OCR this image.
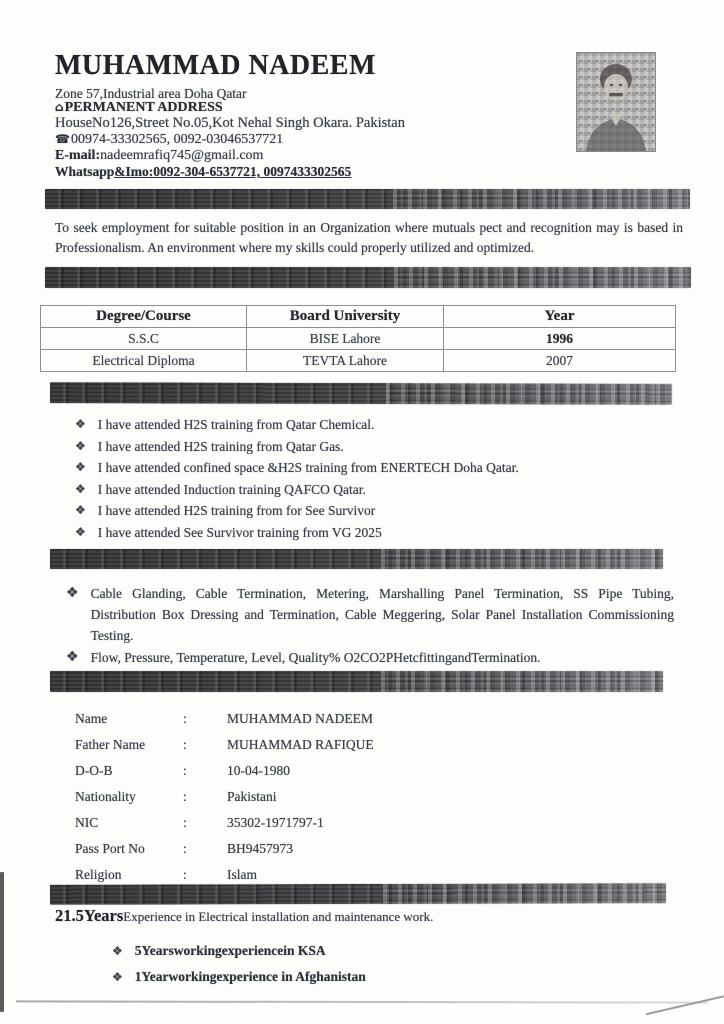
MUHAMMAD NADEEM
Zone 57,Industrial area Doha Qatar
⌂PERMANENT ADDRESS
HouseNo126,Street No.05,Kot Nehal Singh Okara. Pakistan
☎00974-33302565, 0092-03046537721
E-mail:nadeemrafiq745@gmail.com
Whatsapp&Imo:0092-304-6537721, 0097433302565

To seek employment for suitable position in an Organization where mutuals pect and recognition may is based in Professionalism. An environment where my skills could properly utilized and optimized.

Degree/Course	Board University	Year
S.S.C	BISE Lahore	1996
Electrical Diploma	TEVTA Lahore	2007
❖ I have attended H2S training from Qatar Chemical.
❖ I have attended H2S training from Qatar Gas.
❖ I have attended confined space &H2S training from ENERTECH Doha Qatar.
❖ I have attended Induction training QAFCO Qatar.
❖ I have attended H2S training from for See Survivor
❖ I have attended See Survivor training from VG 2025
❖ Cable Glanding, Cable Termination, Metering, Marshalling Panel Termination, SS Pipe Tubing, Distribution Box Dressing and Termination, Cable Meggering, Solar Panel Installation Commissioning Testing.
❖ Flow, Pressure, Temperature, Level, Quality% O2CO2PHetcfittingandTermination.
Name	:	MUHAMMAD NADEEM
Father Name	:	MUHAMMAD RAFIQUE
D-O-B	:	10-04-1980
Nationality	:	Pakistani
NIC	:	35302-1971797-1
Pass Port No	:	BH9457973
Religion	:	Islam
21.5YearsExperience in Electrical installation and maintenance work.
❖ 5Yearsworkingexperiencein KSA
❖ 1Yearworkingexperience in Afghanistan
